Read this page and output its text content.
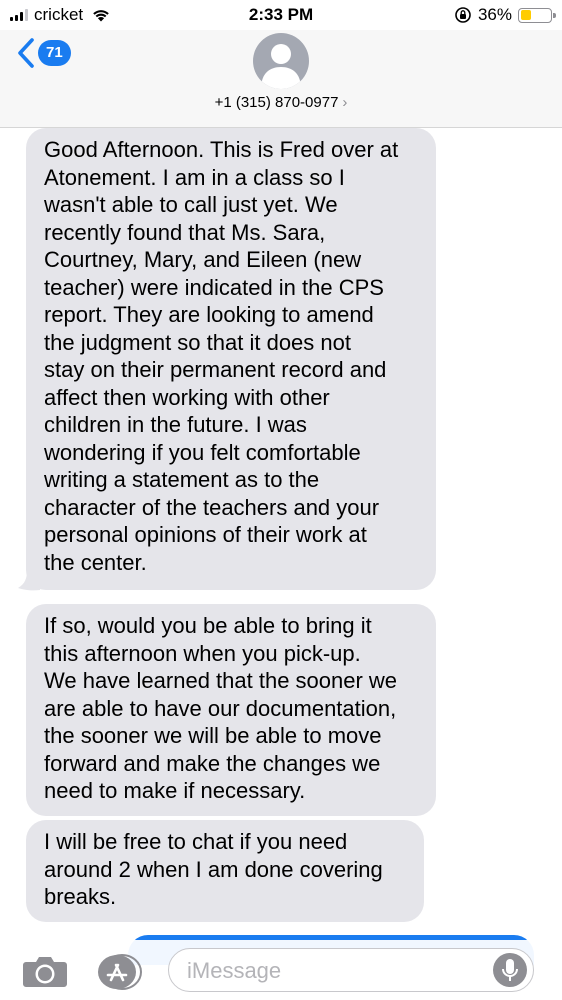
cricket	2:33 PM	36%
71
+1 (315) 870-0977 ›
Good Afternoon. This is Fred over at
Atonement. I am in a class so I
wasn't able to call just yet. We
recently found that Ms. Sara,
Courtney, Mary, and Eileen (new
teacher) were indicated in the CPS
report. They are looking to amend
the judgment so that it does not
stay on their permanent record and
affect then working with other
children in the future. I was
wondering if you felt comfortable
writing a statement as to the
character of the teachers and your
personal opinions of their work at
the center.
If so, would you be able to bring it
this afternoon when you pick-up.
We have learned that the sooner we
are able to have our documentation,
the sooner we will be able to move
forward and make the changes we
need to make if necessary.
I will be free to chat if you need
around 2 when I am done covering
breaks.
iMessage
